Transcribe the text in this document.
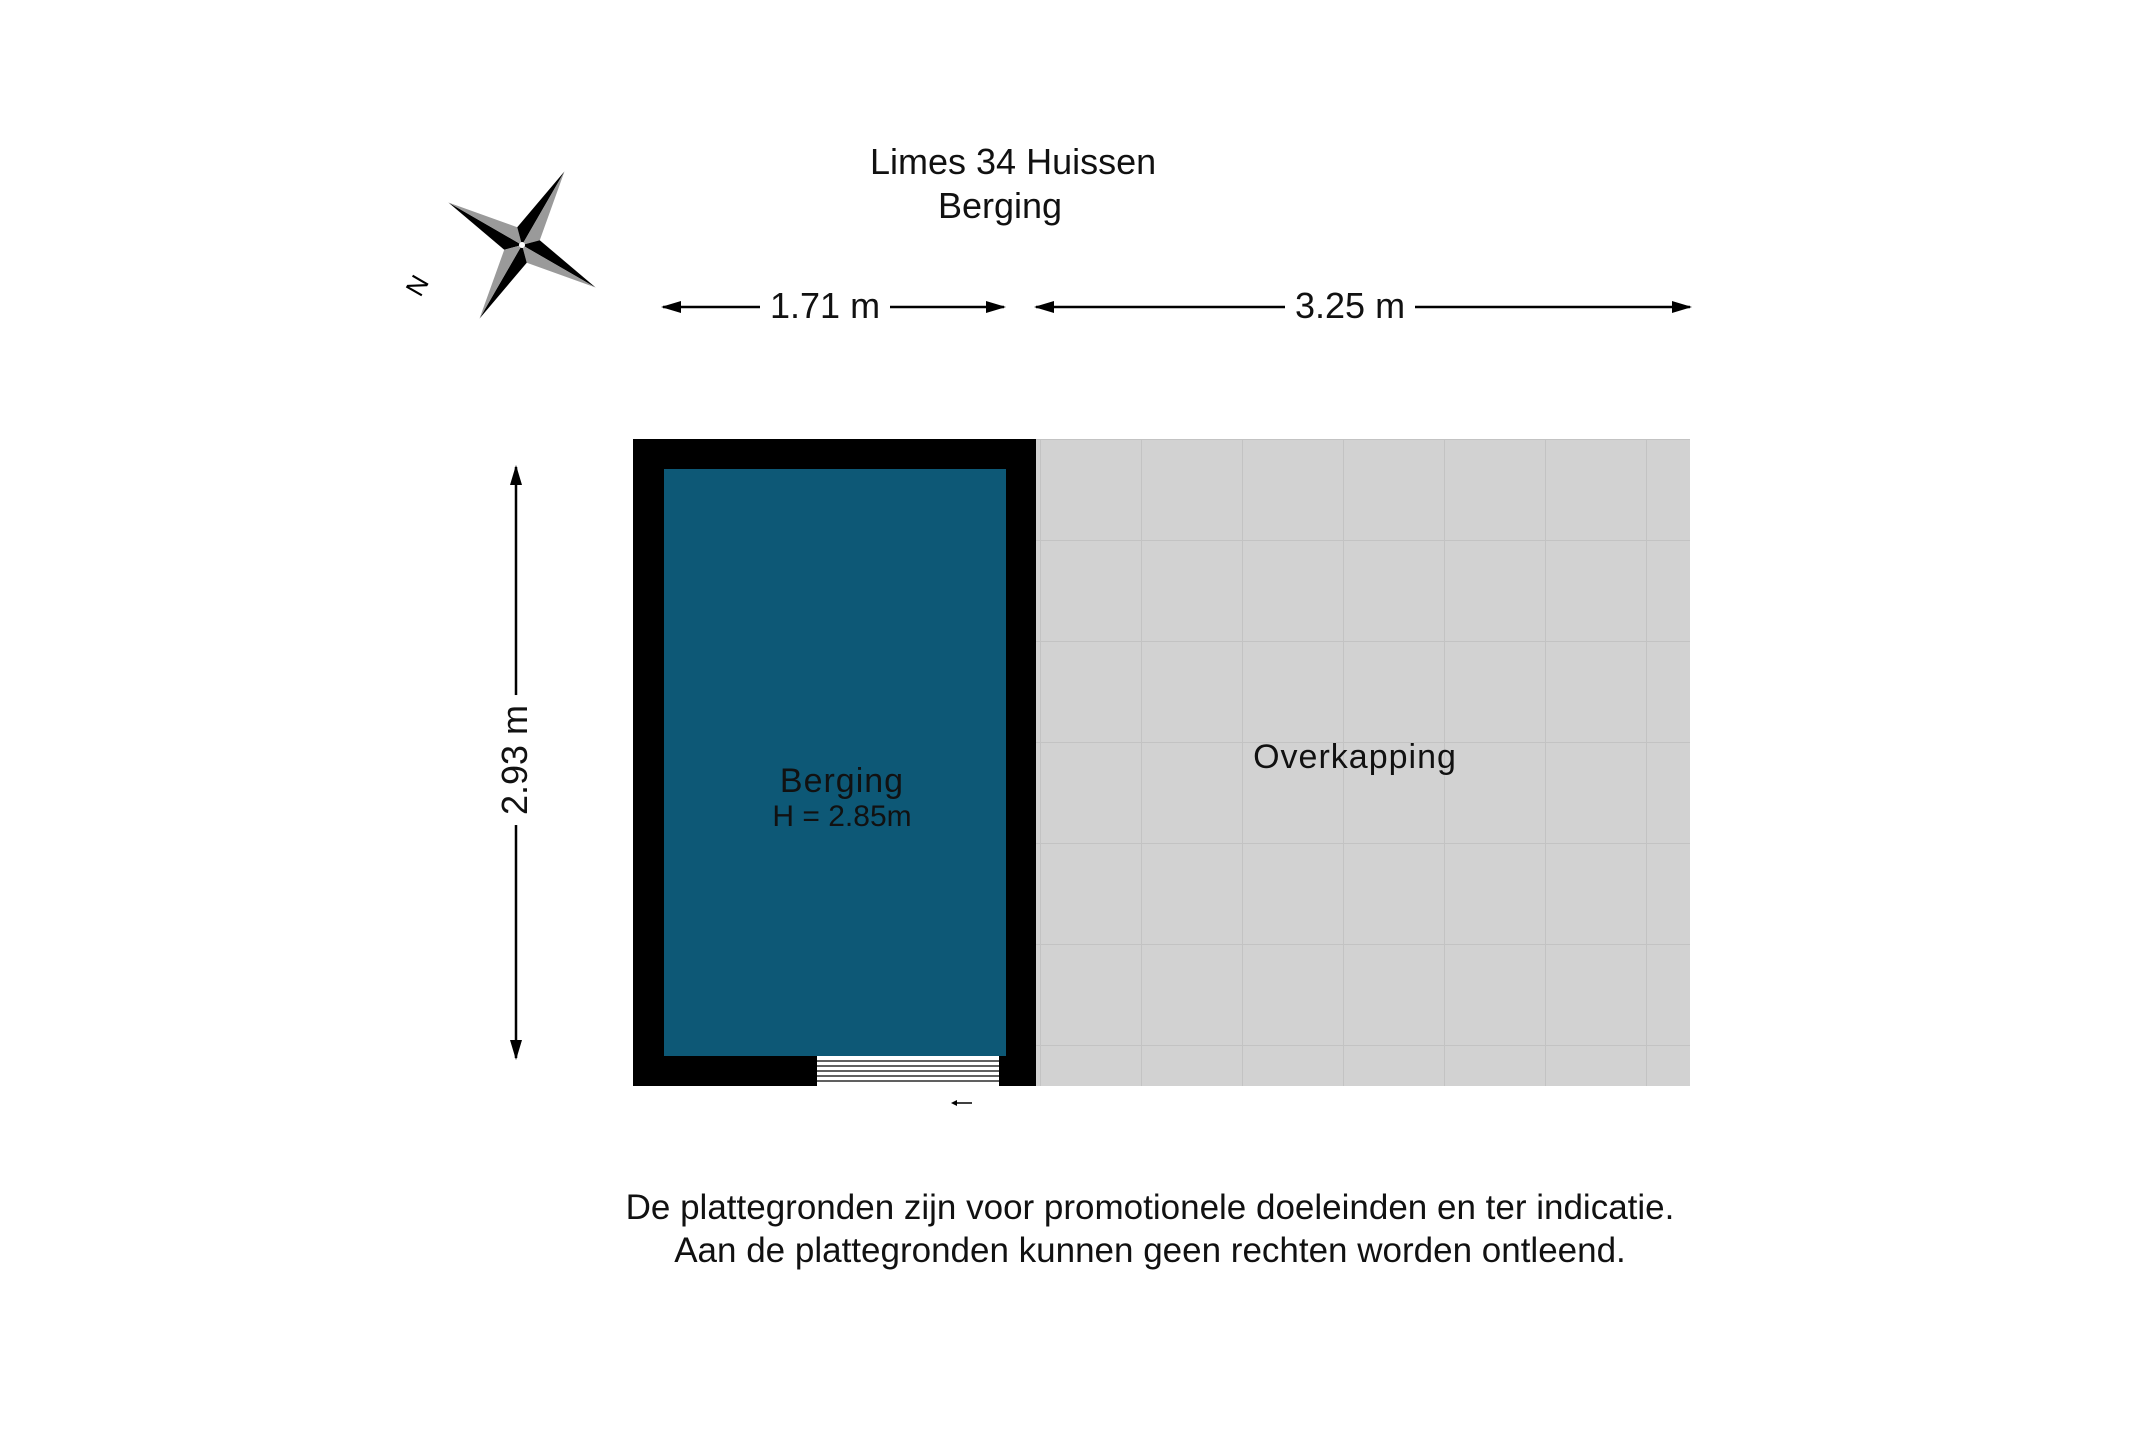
N
Limes 34 Huissen
Berging
1.71 m	3.25 m
2.93 m	Berging
H = 2.85m
Overkapping
De plattegronden zijn voor promotionele doeleinden en ter indicatie.
Aan de plattegronden kunnen geen rechten worden ontleend.
